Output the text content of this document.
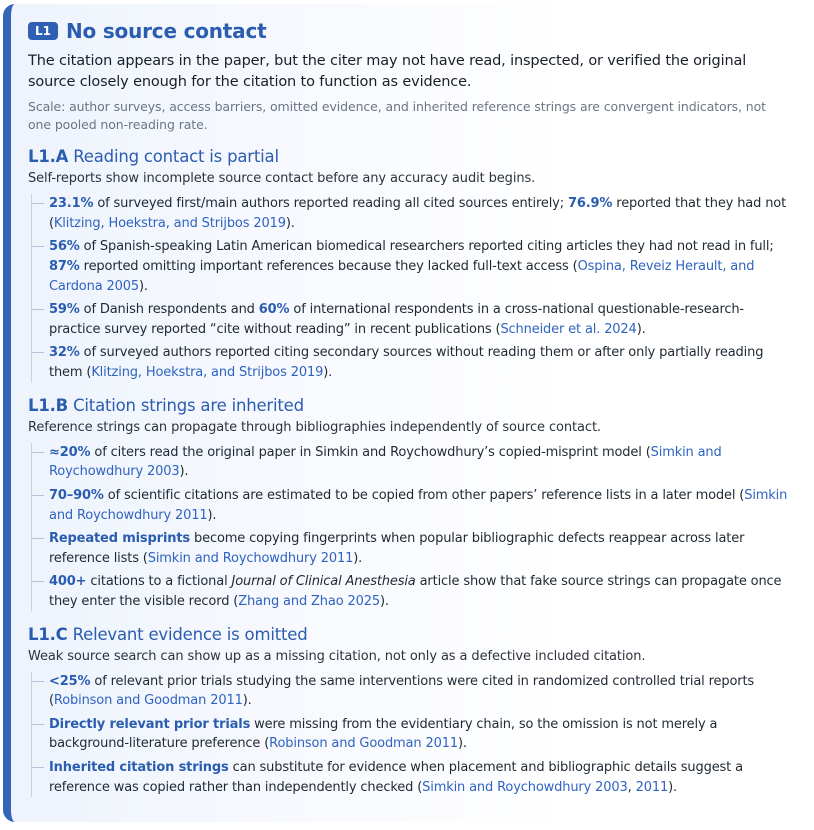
L1 No source contact
The citation appears in the paper, but the citer may not have read, inspected, or verified the original source closely enough for the citation to function as evidence.
Scale: author surveys, access barriers, omitted evidence, and inherited reference strings are convergent indicators, not one pooled non-reading rate.
L1.A Reading contact is partial
Self-reports show incomplete source contact before any accuracy audit begins.
23.1% of surveyed first/main authors reported reading all cited sources entirely; 76.9% reported that they had not (Klitzing, Hoekstra, and Strijbos 2019).
56% of Spanish-speaking Latin American biomedical researchers reported citing articles they had not read in full; 87% reported omitting important references because they lacked full-text access (Ospina, Reveiz Herault, and Cardona 2005).
59% of Danish respondents and 60% of international respondents in a cross-national questionable-research-practice survey reported “cite without reading” in recent publications (Schneider et al. 2024).
32% of surveyed authors reported citing secondary sources without reading them or after only partially reading them (Klitzing, Hoekstra, and Strijbos 2019).
L1.B Citation strings are inherited
Reference strings can propagate through bibliographies independently of source contact.
≈20% of citers read the original paper in Simkin and Roychowdhury’s copied-misprint model (Simkin and Roychowdhury 2003).
70–90% of scientific citations are estimated to be copied from other papers’ reference lists in a later model (Simkin and Roychowdhury 2011).
Repeated misprints become copying fingerprints when popular bibliographic defects reappear across later reference lists (Simkin and Roychowdhury 2011).
400+ citations to a fictional Journal of Clinical Anesthesia article show that fake source strings can propagate once they enter the visible record (Zhang and Zhao 2025).
L1.C Relevant evidence is omitted
Weak source search can show up as a missing citation, not only as a defective included citation.
<25% of relevant prior trials studying the same interventions were cited in randomized controlled trial reports (Robinson and Goodman 2011).
Directly relevant prior trials were missing from the evidentiary chain, so the omission is not merely a background-literature preference (Robinson and Goodman 2011).
Inherited citation strings can substitute for evidence when placement and bibliographic details suggest a reference was copied rather than independently checked (Simkin and Roychowdhury 2003, 2011).
